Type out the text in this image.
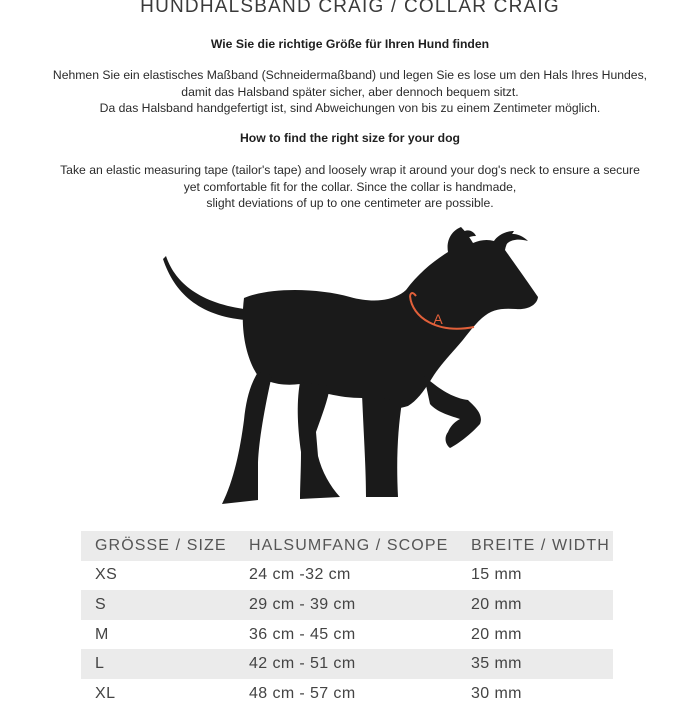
HUNDHALSBAND CRAIG / COLLAR CRAIG
Wie Sie die richtige Größe für Ihren Hund finden
Nehmen Sie ein elastisches Maßband (Schneidermaßband) und legen Sie es lose um den Hals Ihres Hundes,
damit das Halsband später sicher, aber dennoch bequem sitzt.
Da das Halsband handgefertigt ist, sind Abweichungen von bis zu einem Zentimeter möglich.
How to find the right size for your dog
Take an elastic measuring tape (tailor's tape) and loosely wrap it around your dog's neck to ensure a secure
yet comfortable fit for the collar. Since the collar is handmade,
slight deviations of up to one centimeter are possible.
A
GRÖSSE / SIZE	HALSUMFANG / SCOPE	BREITE / WIDTH
XS	24 cm -32 cm	15 mm
S	29 cm - 39 cm	20 mm
M	36 cm - 45 cm	20 mm
L	42 cm - 51 cm	35 mm
XL	48 cm - 57 cm	30 mm
